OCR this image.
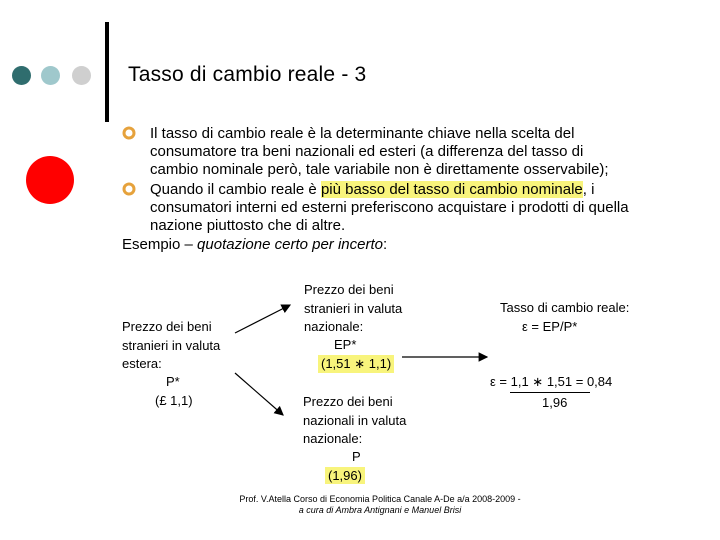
Tasso di cambio reale - 3
Il tasso di cambio reale è la determinante chiave nella scelta del
consumatore tra beni nazionali ed esteri (a differenza del tasso di
cambio nominale però, tale variabile non è direttamente osservabile);
Quando il cambio reale è più basso del tasso di cambio nominale, i
consumatori interni ed esterni preferiscono acquistare i prodotti di quella
nazione piuttosto che di altre.
Esempio – quotazione certo per incerto:
Prezzo dei beni
stranieri in valuta
estera:
P*
(£ 1,1)
Prezzo dei beni
stranieri in valuta
nazionale:
EP*
(1,51 ∗ 1,1)
Prezzo dei beni
nazionali in valuta
nazionale:
P
(1,96)
Tasso di cambio reale:
ε = EP/P*
ε = 1,1 ∗ 1,51 = 0,84
1,96
Prof. V.Atella Corso di Economia Politica Canale A-De a/a 2008-2009 -
a cura di Ambra Antignani e Manuel Brisi
